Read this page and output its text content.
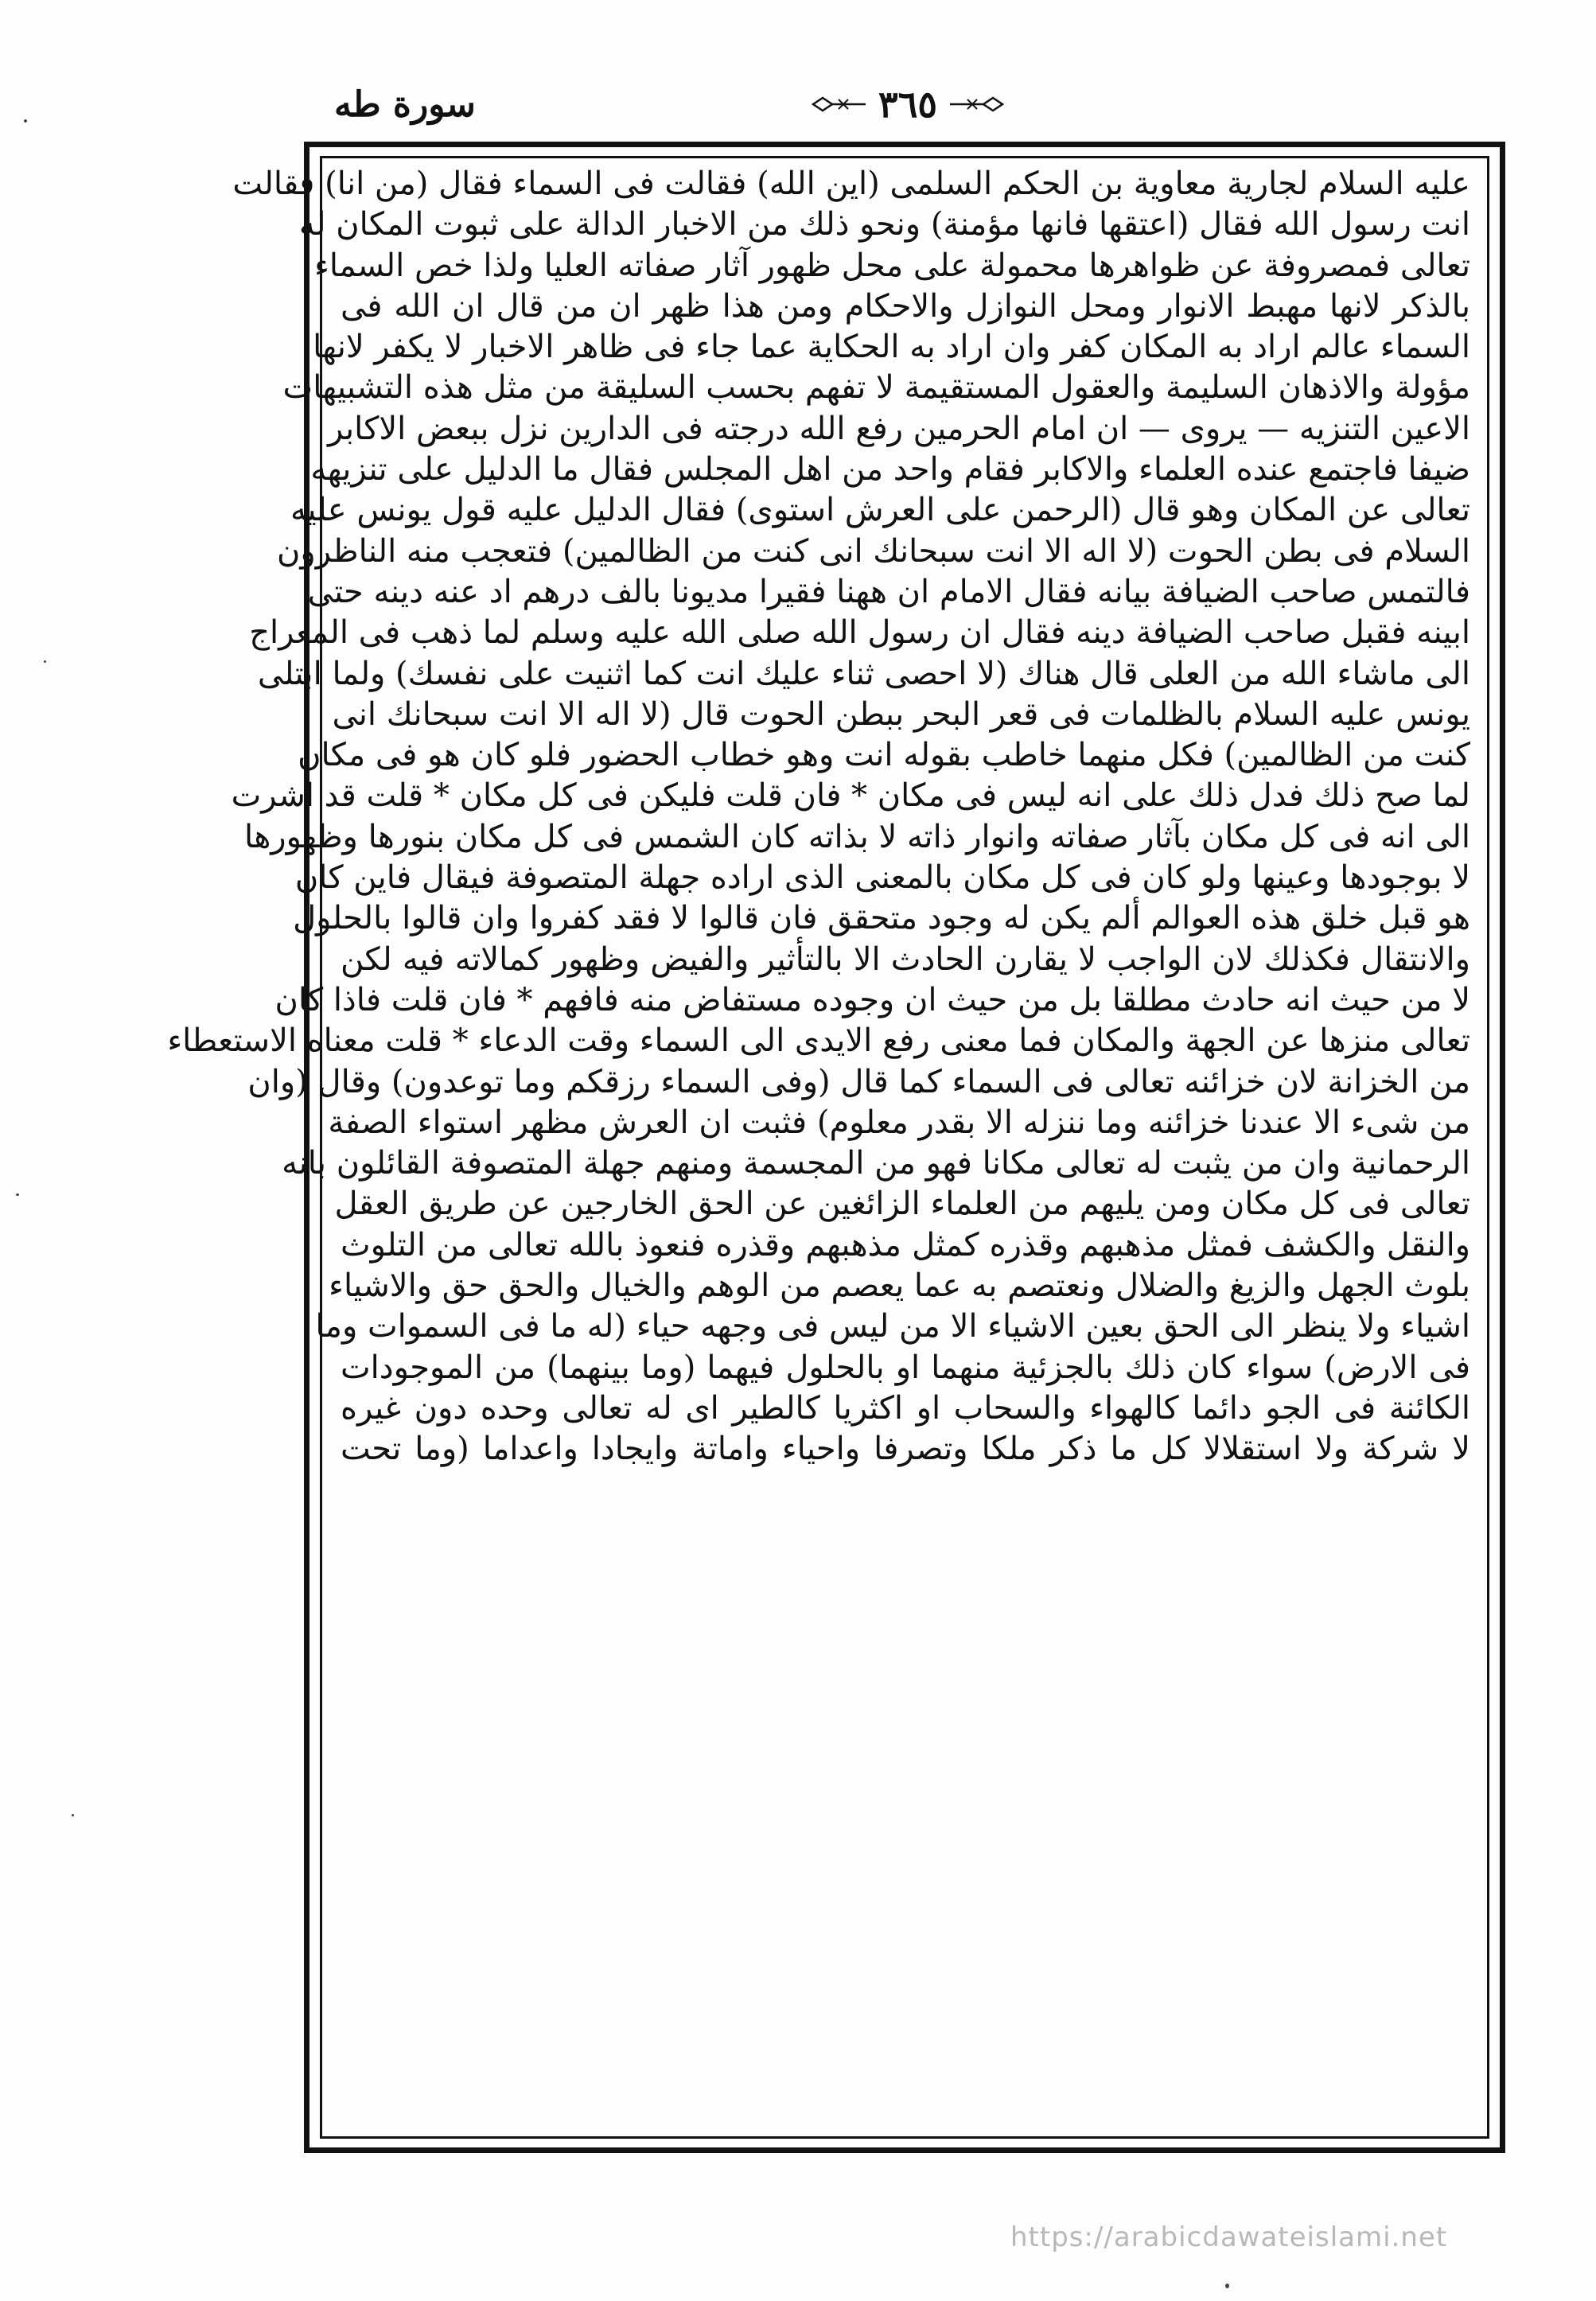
سورة طه	٣٦٥
عليه السلام لجارية معاوية بن الحكم السلمى (اين الله) فقالت فى السماء فقال (من انا) فقالت
انت رسول الله فقال (اعتقها فانها مؤمنة) ونحو ذلك من الاخبار الدالة على ثبوت المكان له
تعالى فمصروفة عن ظواهرها محمولة على محل ظهور آثار صفاته العليا ولذا خص السماء
بالذكر لانها مهبط الانوار ومحل النوازل والاحكام ومن هذا ظهر ان من قال ان الله فى
السماء عالم اراد به المكان كفر وان اراد به الحكاية عما جاء فى ظاهر الاخبار لا يكفر لانها
مؤولة والاذهان السليمة والعقول المستقيمة لا تفهم بحسب السليقة من مثل هذه التشبيهات
الاعين التنزيه — يروى — ان امام الحرمين رفع الله درجته فى الدارين نزل ببعض الاكابر
ضيفا فاجتمع عنده العلماء والاكابر فقام واحد من اهل المجلس فقال ما الدليل على تنزيهه
تعالى عن المكان وهو قال (الرحمن على العرش استوى) فقال الدليل عليه قول يونس عليه
السلام فى بطن الحوت (لا اله الا انت سبحانك انى كنت من الظالمين) فتعجب منه الناظرون
فالتمس صاحب الضيافة بيانه فقال الامام ان ههنا فقيرا مديونا بالف درهم اد عنه دينه حتى
ابينه فقبل صاحب الضيافة دينه فقال ان رسول الله صلى الله عليه وسلم لما ذهب فى المعراج
الى ماشاء الله من العلى قال هناك (لا احصى ثناء عليك انت كما اثنيت على نفسك) ولما ابتلى
يونس عليه السلام بالظلمات فى قعر البحر ببطن الحوت قال (لا اله الا انت سبحانك انى
كنت من الظالمين) فكل منهما خاطب بقوله انت وهو خطاب الحضور فلو كان هو فى مكان
لما صح ذلك فدل ذلك على انه ليس فى مكان * فان قلت فليكن فى كل مكان * قلت قد اشرت
الى انه فى كل مكان بآثار صفاته وانوار ذاته لا بذاته كان الشمس فى كل مكان بنورها وظهورها
لا بوجودها وعينها ولو كان فى كل مكان بالمعنى الذى اراده جهلة المتصوفة فيقال فاين كان
هو قبل خلق هذه العوالم ألم يكن له وجود متحقق فان قالوا لا فقد كفروا وان قالوا بالحلول
والانتقال فكذلك لان الواجب لا يقارن الحادث الا بالتأثير والفيض وظهور كمالاته فيه لكن
لا من حيث انه حادث مطلقا بل من حيث ان وجوده مستفاض منه فافهم * فان قلت فاذا كان
تعالى منزها عن الجهة والمكان فما معنى رفع الايدى الى السماء وقت الدعاء * قلت معناه الاستعطاء
من الخزانة لان خزائنه تعالى فى السماء كما قال (وفى السماء رزقكم وما توعدون) وقال (وان
من شىء الا عندنا خزائنه وما ننزله الا بقدر معلوم) فثبت ان العرش مظهر استواء الصفة
الرحمانية وان من يثبت له تعالى مكانا فهو من المجسمة ومنهم جهلة المتصوفة القائلون بانه
تعالى فى كل مكان ومن يليهم من العلماء الزائغين عن الحق الخارجين عن طريق العقل
والنقل والكشف فمثل مذهبهم وقذره كمثل مذهبهم وقذره فنعوذ بالله تعالى من التلوث
بلوث الجهل والزيغ والضلال ونعتصم به عما يعصم من الوهم والخيال والحق حق والاشياء
اشياء ولا ينظر الى الحق بعين الاشياء الا من ليس فى وجهه حياء (له ما فى السموات وما
فى الارض) سواء كان ذلك بالجزئية منهما او بالحلول فيهما (وما بينهما) من الموجودات
الكائنة فى الجو دائما كالهواء والسحاب او اكثريا كالطير اى له تعالى وحده دون غيره
لا شركة ولا استقلالا كل ما ذكر ملكا وتصرفا واحياء واماتة وايجادا واعداما (وما تحت
https://arabicdawateislami.net
